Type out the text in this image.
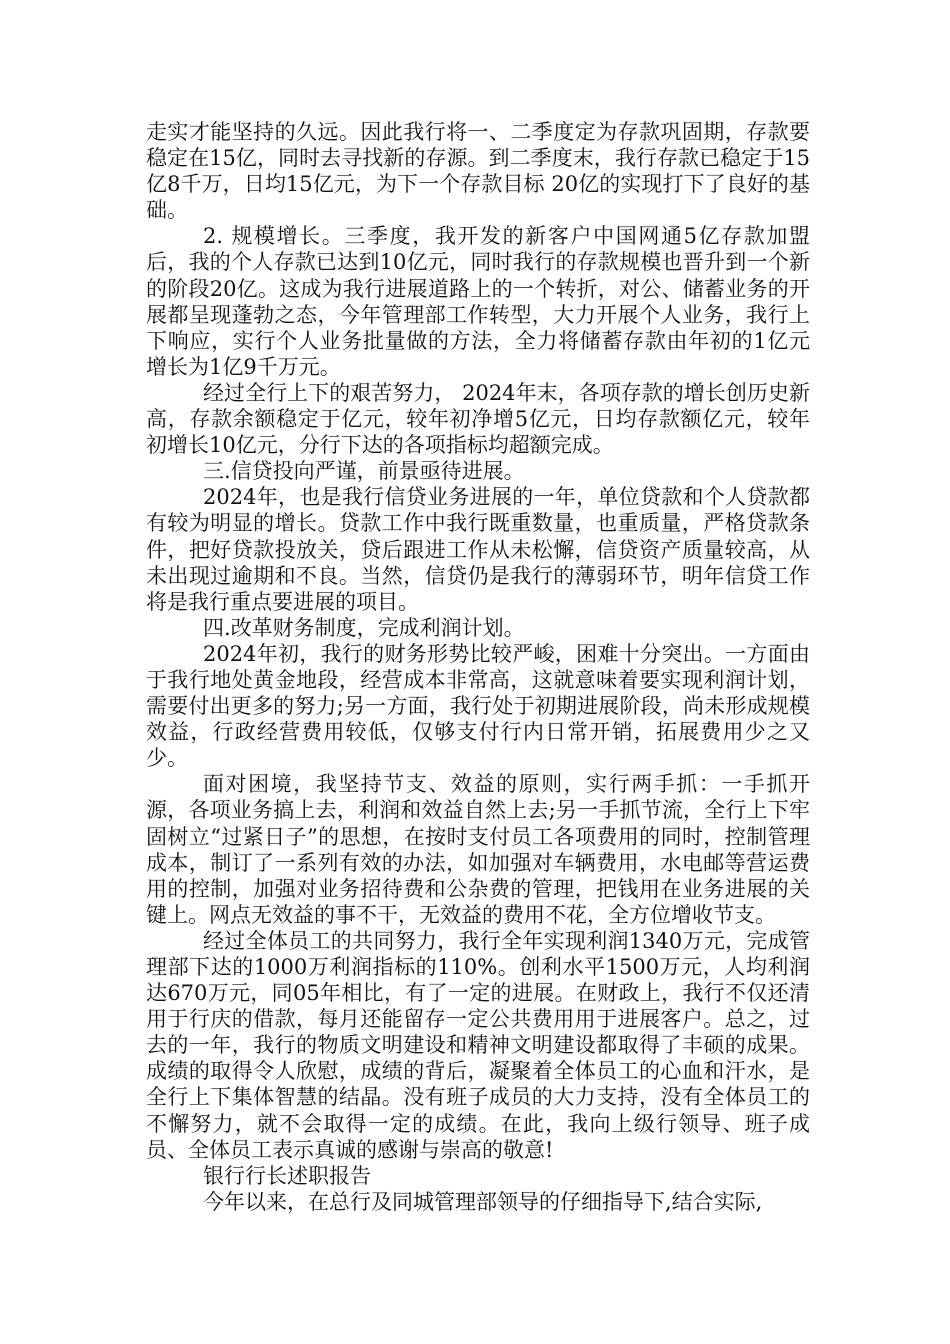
走实才能坚持的久远。因此我行将一、二季度定为存款巩固期，存款要稳定在15亿，同时去寻找新的存源。到二季度末，我行存款已稳定于15亿8千万，日均15亿元，为下一个存款目标 20亿的实现打下了良好的基础。

2. 规模增长。三季度，我开发的新客户中国网通5亿存款加盟后，我的个人存款已达到10亿元，同时我行的存款规模也晋升到一个新的阶段20亿。这成为我行进展道路上的一个转折，对公、储蓄业务的开展都呈现蓬勃之态，今年管理部工作转型，大力开展个人业务，我行上下响应，实行个人业务批量做的方法，全力将储蓄存款由年初的1亿元增长为1亿9千万元。

经过全行上下的艰苦努力， 2024年末，各项存款的增长创历史新高，存款余额稳定于亿元，较年初净增5亿元，日均存款额亿元，较年初增长10亿元，分行下达的各项指标均超额完成。

三.信贷投向严谨，前景亟待进展。

2024年，也是我行信贷业务进展的一年，单位贷款和个人贷款都有较为明显的增长。贷款工作中我行既重数量，也重质量，严格贷款条件，把好贷款投放关，贷后跟进工作从未松懈，信贷资产质量较高，从未出现过逾期和不良。当然，信贷仍是我行的薄弱环节，明年信贷工作将是我行重点要进展的项目。

四.改革财务制度，完成利润计划。

2024年初，我行的财务形势比较严峻，困难十分突出。一方面由于我行地处黄金地段，经营成本非常高，这就意味着要实现利润计划，需要付出更多的努力;另一方面，我行处于初期进展阶段，尚未形成规模效益，行政经营费用较低，仅够支付行内日常开销，拓展费用少之又少。

面对困境，我坚持节支、效益的原则，实行两手抓：一手抓开源，各项业务搞上去，利润和效益自然上去;另一手抓节流，全行上下牢固树立“过紧日子”的思想，在按时支付员工各项费用的同时，控制管理成本，制订了一系列有效的办法，如加强对车辆费用，水电邮等营运费用的控制，加强对业务招待费和公杂费的管理，把钱用在业务进展的关键上。网点无效益的事不干，无效益的费用不花，全方位增收节支。

经过全体员工的共同努力，我行全年实现利润1340万元，完成管理部下达的1000万利润指标的110%。创利水平1500万元，人均利润达670万元，同05年相比，有了一定的进展。在财政上，我行不仅还清用于行庆的借款，每月还能留存一定公共费用用于进展客户。总之，过去的一年，我行的物质文明建设和精神文明建设都取得了丰硕的成果。成绩的取得令人欣慰，成绩的背后，凝聚着全体员工的心血和汗水，是全行上下集体智慧的结晶。没有班子成员的大力支持，没有全体员工的不懈努力，就不会取得一定的成绩。在此，我向上级行领导、班子成员、全体员工表示真诚的感谢与崇高的敬意!

银行行长述职报告

今年以来，在总行及同城管理部领导的仔细指导下,结合实际,
